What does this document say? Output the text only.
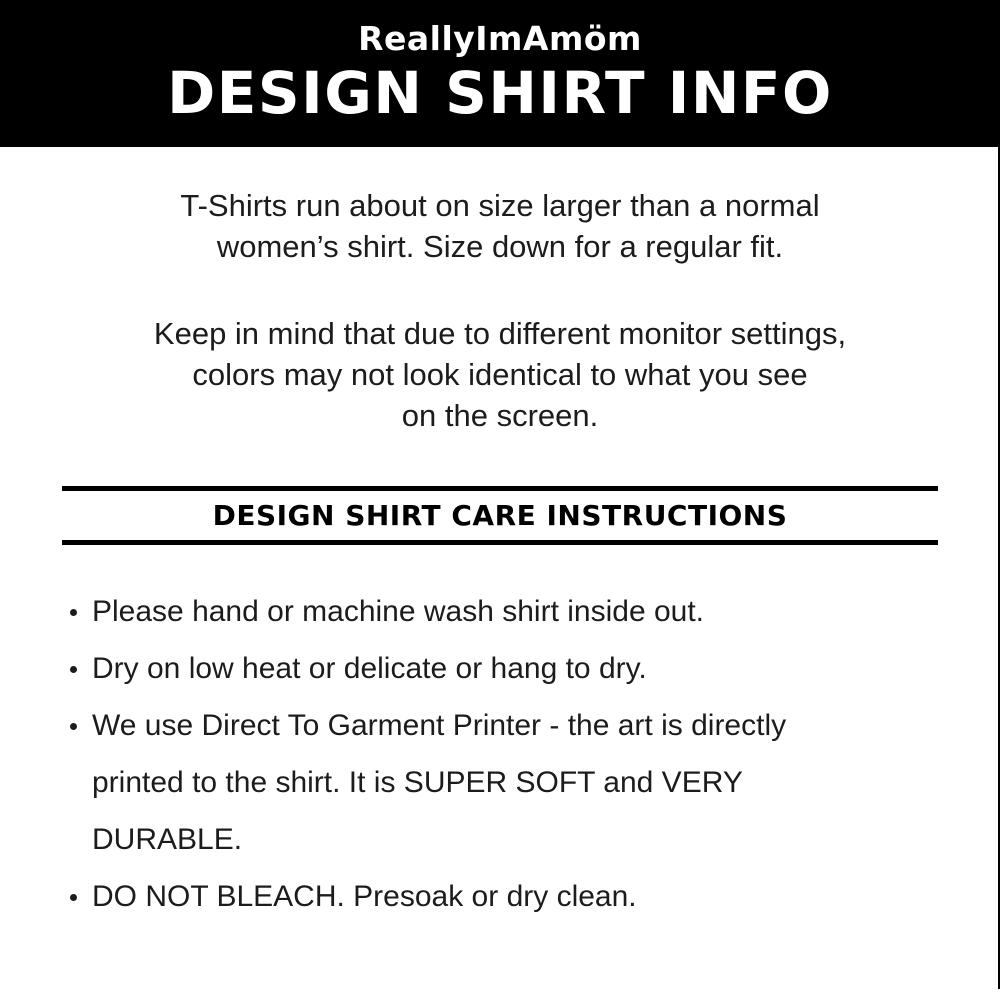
ReallyImAmöm
DESIGN SHIRT INFO
T-Shirts run about on size larger than a normal
women’s shirt. Size down for a regular fit.
Keep in mind that due to different monitor settings,
colors may not look identical to what you see
on the screen.
DESIGN SHIRT CARE INSTRUCTIONS
Please hand or machine wash shirt inside out.
Dry on low heat or delicate or hang to dry.
We use Direct To Garment Printer - the art is directly
printed to the shirt. It is SUPER SOFT and VERY
DURABLE.
DO NOT BLEACH. Presoak or dry clean.
